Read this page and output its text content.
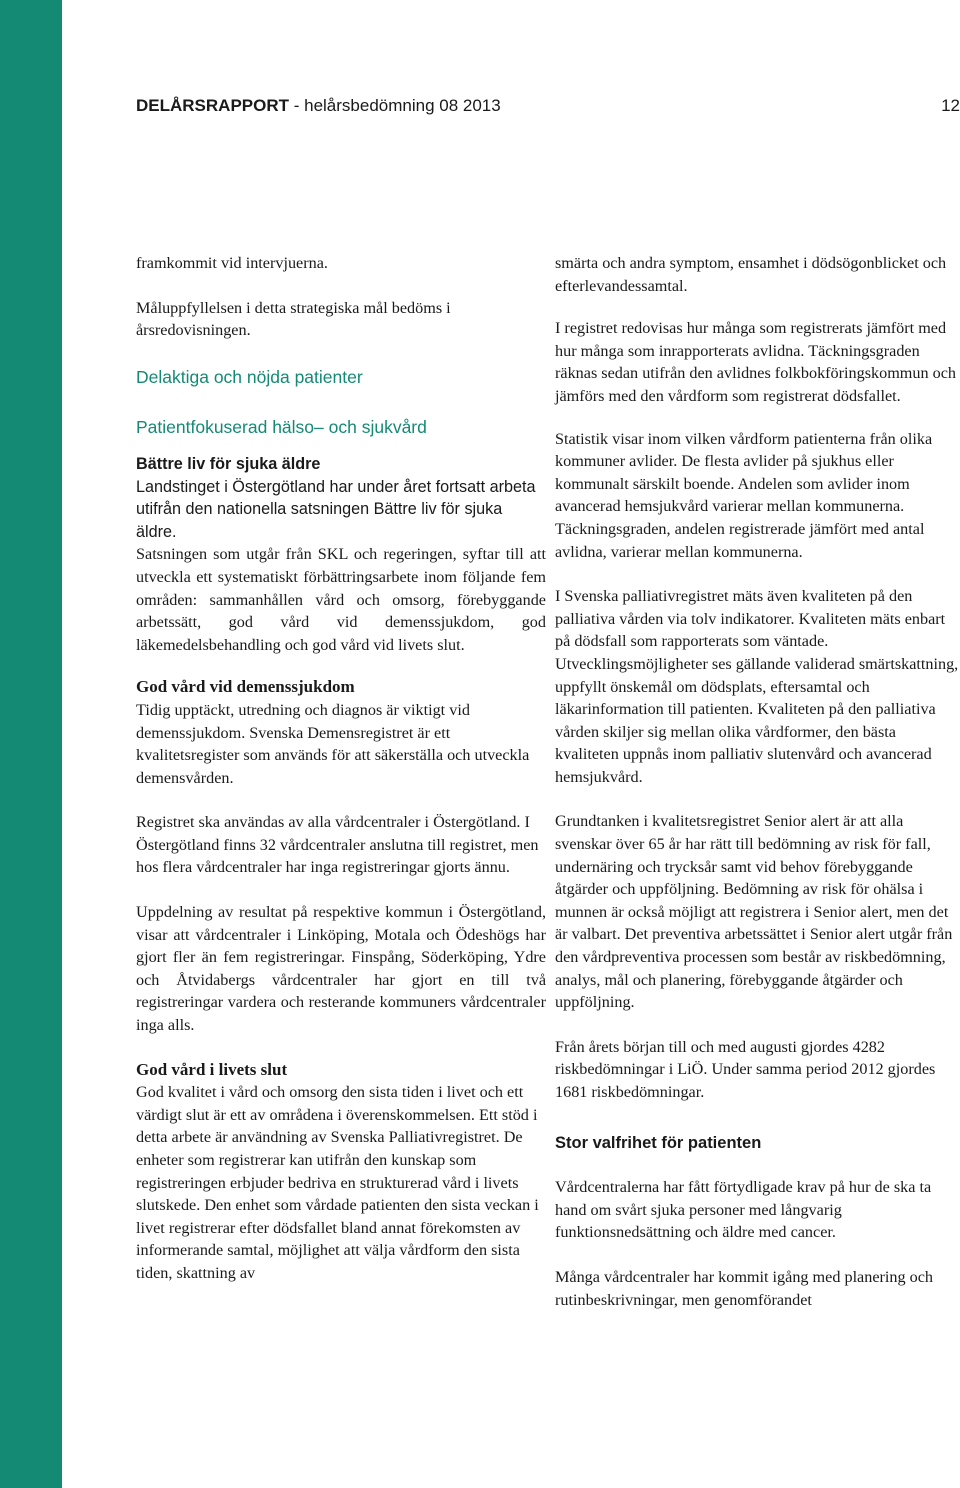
DELÅRSRAPPORT - helårsbedömning 08 2013	12

framkommit vid intervjuerna.

Måluppfyllelsen i detta strategiska mål bedöms i årsredovisningen.

Delaktiga och nöjda patienter

Patientfokuserad hälso– och sjukvård

Bättre liv för sjuka äldre

Landstinget i Östergötland har under året fortsatt arbeta utifrån den nationella satsningen Bättre liv för sjuka äldre.

Satsningen som utgår från SKL och regeringen, syftar till att utveckla ett systematiskt förbättringsarbete inom följande fem områden: sammanhållen vård och omsorg, förebyggande arbetssätt, god vård vid demenssjukdom, god läkemedelsbehandling och god vård vid livets slut.

God vård vid demenssjukdom

Tidig upptäckt, utredning och diagnos är viktigt vid demenssjukdom. Svenska Demensregistret är ett kvalitetsregister som används för att säkerställa och utveckla demensvården.

Registret ska användas av alla vårdcentraler i Östergötland. I Östergötland finns 32 vårdcentraler anslutna till registret, men hos flera vårdcentraler har inga registreringar gjorts ännu.

Uppdelning av resultat på respektive kommun i Östergötland, visar att vårdcentraler i Linköping, Motala och Ödeshögs har gjort fler än fem registreringar. Finspång, Söderköping, Ydre och Åtvidabergs vårdcentraler har gjort en till två registreringar vardera och resterande kommuners vårdcentraler inga alls.

God vård i livets slut

God kvalitet i vård och omsorg den sista tiden i livet och ett värdigt slut är ett av områdena i överenskommelsen. Ett stöd i detta arbete är användning av Svenska Palliativregistret. De enheter som registrerar kan utifrån den kunskap som registreringen erbjuder bedriva en strukturerad vård i livets slutskede. Den enhet som vårdade patienten den sista veckan i livet registrerar efter dödsfallet bland annat förekomsten av informerande samtal, möjlighet att välja vårdform den sista tiden, skattning av

smärta och andra symptom, ensamhet i dödsögonblicket och efterlevandessamtal.

I registret redovisas hur många som registrerats jämfört med hur många som inrapporterats avlidna. Täckningsgraden räknas sedan utifrån den avlidnes folkbokföringskommun och jämförs med den vårdform som registrerat dödsfallet.

Statistik visar inom vilken vårdform patienterna från olika kommuner avlider. De flesta avlider på sjukhus eller kommunalt särskilt boende. Andelen som avlider inom avancerad hemsjukvård varierar mellan kommunerna. Täckningsgraden, andelen registrerade jämfört med antal avlidna, varierar mellan kommunerna.

I Svenska palliativregistret mäts även kvaliteten på den palliativa vården via tolv indikatorer. Kvaliteten mäts enbart på dödsfall som rapporterats som väntade. Utvecklingsmöjligheter ses gällande validerad smärtskattning, uppfyllt önskemål om dödsplats, eftersamtal och läkarinformation till patienten. Kvaliteten på den palliativa vården skiljer sig mellan olika vårdformer, den bästa kvaliteten uppnås inom palliativ slutenvård och avancerad hemsjukvård.

Grundtanken i kvalitetsregistret Senior alert är att alla svenskar över 65 år har rätt till bedömning av risk för fall, undernäring och trycksår samt vid behov förebyggande åtgärder och uppföljning. Bedömning av risk för ohälsa i munnen är också möjligt att registrera i Senior alert, men det är valbart. Det preventiva arbetssättet i Senior alert utgår från den vårdpreventiva processen som består av riskbedömning, analys, mål och planering, förebyggande åtgärder och uppföljning.

Från årets början till och med augusti gjordes 4282 riskbedömningar i LiÖ. Under samma period 2012 gjordes 1681 riskbedömningar.

Stor valfrihet för patienten

Vårdcentralerna har fått förtydligade krav på hur de ska ta hand om svårt sjuka personer med långvarig funktionsnedsättning och äldre med cancer.

Många vårdcentraler har kommit igång med planering och rutinbeskrivningar, men genomförandet
